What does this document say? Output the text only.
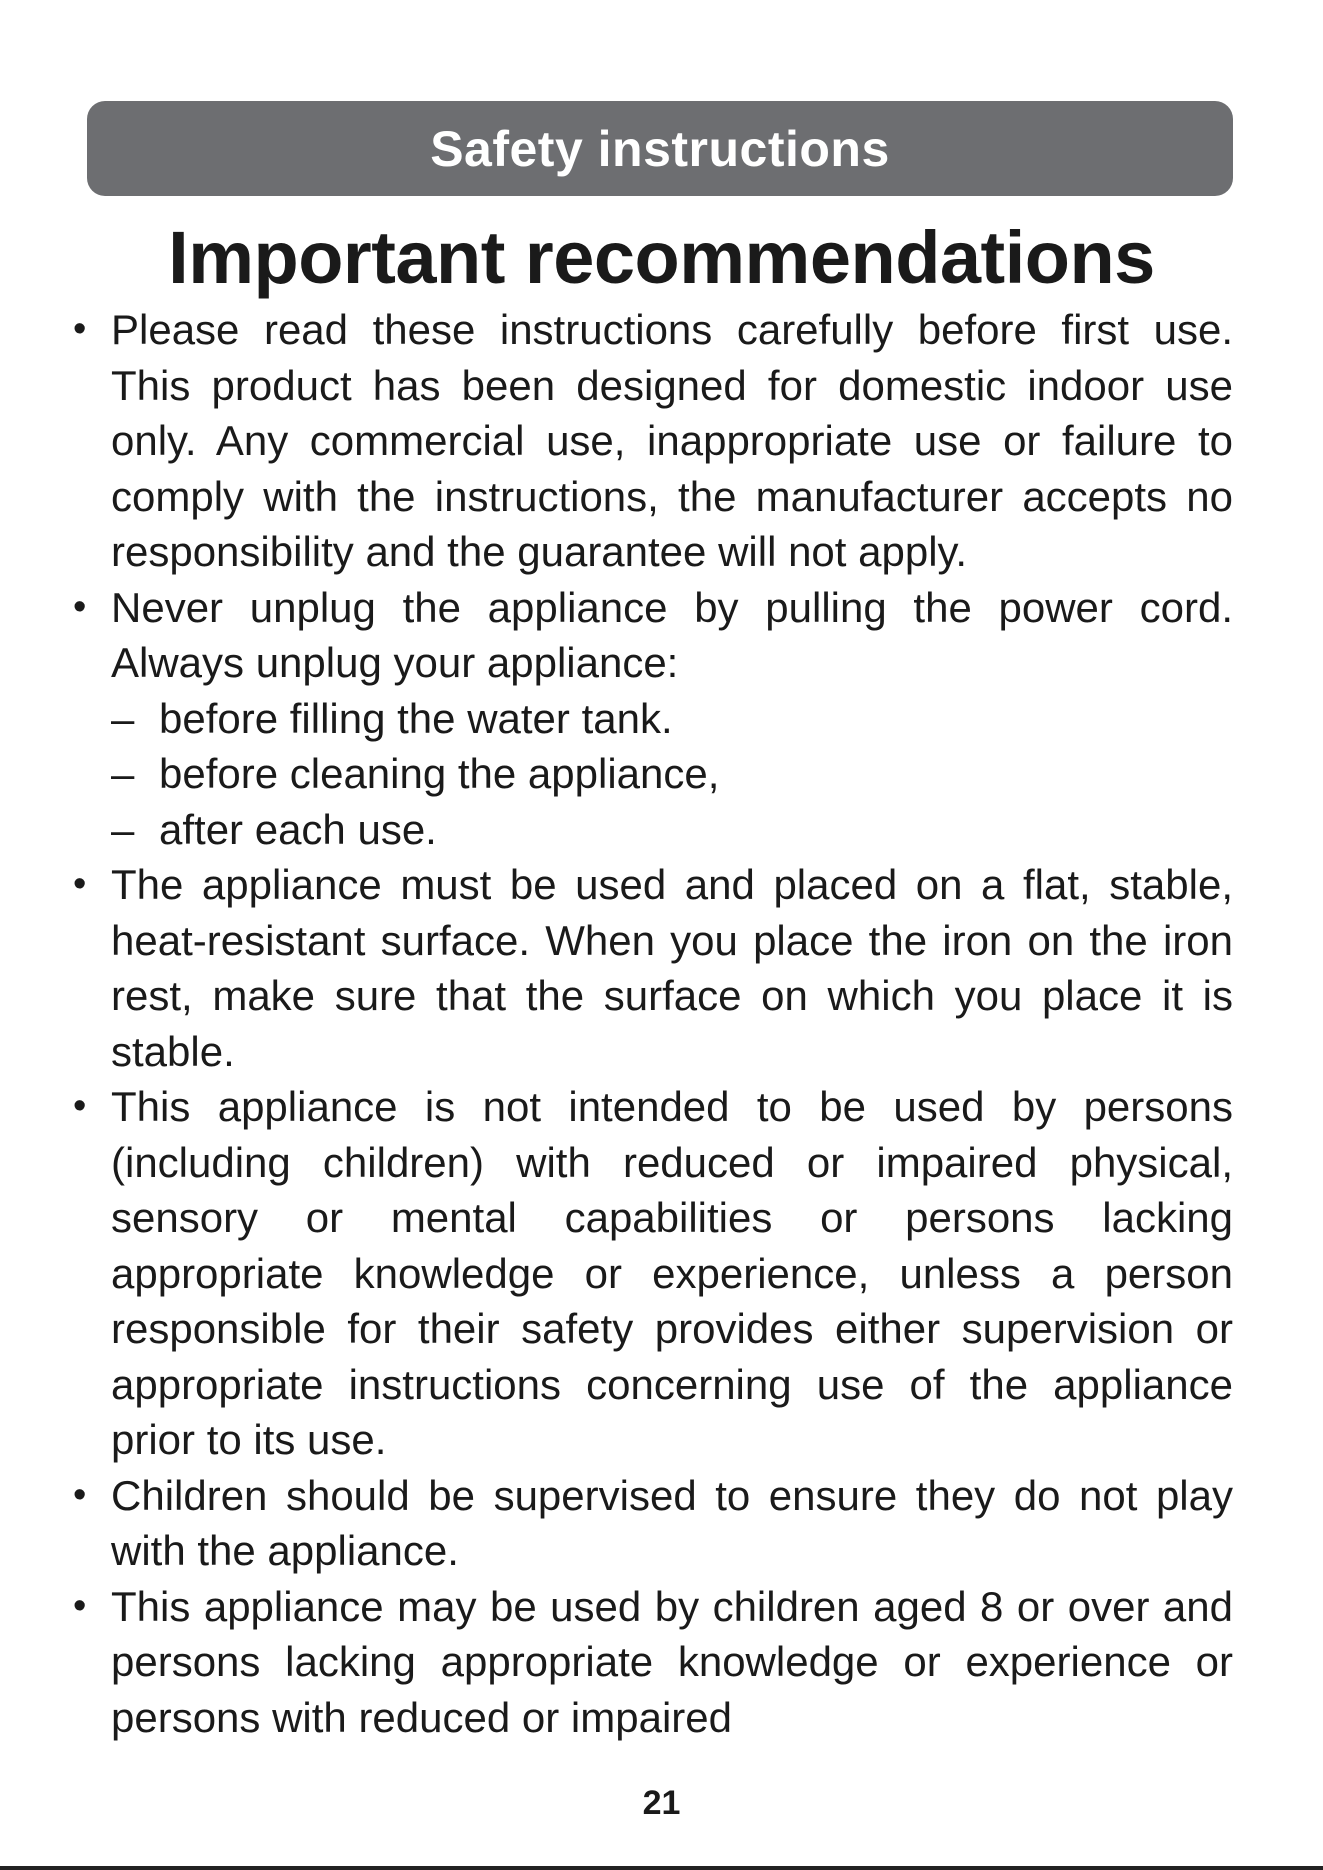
Safety instructions
Important recommendations
• Please read these instructions carefully before first use. This product has been designed for domestic indoor use only. Any commercial use, inappropriate use or failure to comply with the instructions, the manufacturer accepts no responsibility and the guarantee will not apply.
• Never unplug the appliance by pulling the power cord. Always unplug your appliance:
– before filling the water tank.
– before cleaning the appliance,
– after each use.
• The appliance must be used and placed on a flat, stable, heat-resistant surface. When you place the iron on the iron rest, make sure that the surface on which you place it is stable.
• This appliance is not intended to be used by persons (including children) with reduced or impaired physical, sensory or mental capabilities or persons lacking appropriate knowledge or experience, unless a person responsible for their safety provides either supervision or appropriate instructions concerning use of the appliance prior to its use.
• Children should be supervised to ensure they do not play with the appliance.
• This appliance may be used by children aged 8 or over and persons lacking appropriate knowledge or experience or persons with reduced or impaired
21
